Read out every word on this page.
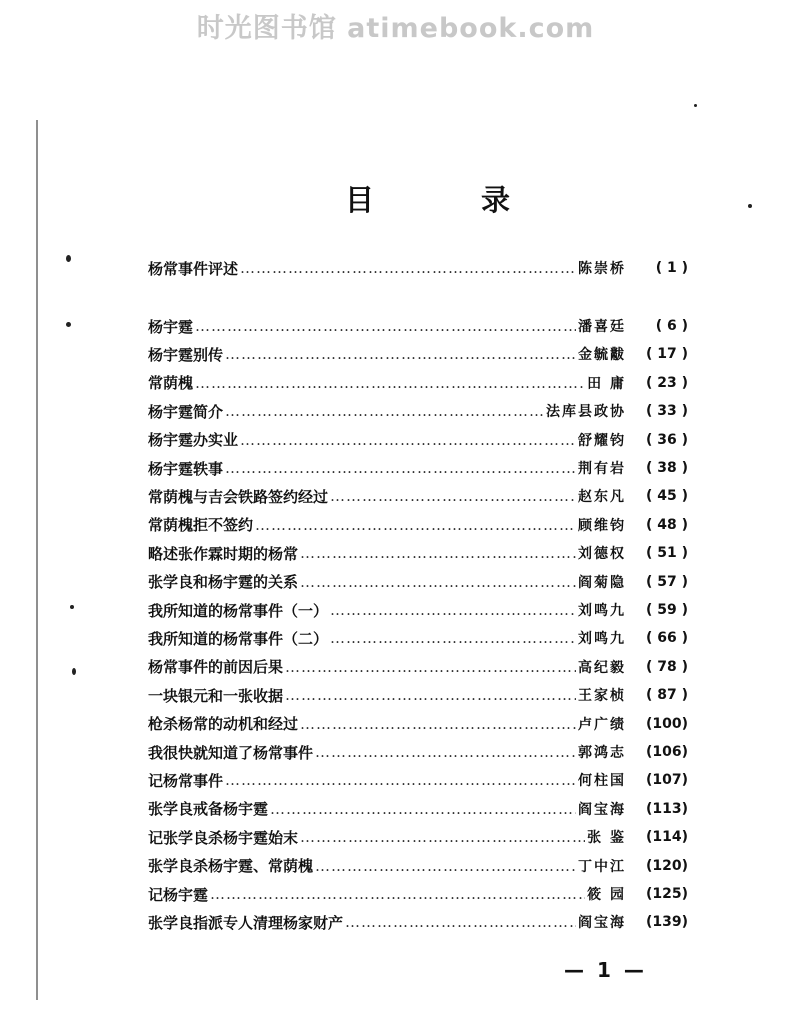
时光图书馆 atimebook.com
目	录
杨常事件评述 ……………………………………………………………………………………………………………………	陈崇桥	( 1 )
杨宇霆 ……………………………………………………………………………………………………………………	潘喜廷	( 6 )
杨宇霆别传 ……………………………………………………………………………………………………………………	金毓黻	( 17 )
常荫槐 ……………………………………………………………………………………………………………………	田 庸	( 23 )
杨宇霆简介 ……………………………………………………………………………………………………………………	法库县政协	( 33 )
杨宇霆办实业 ……………………………………………………………………………………………………………………	舒耀钧	( 36 )
杨宇霆轶事 ……………………………………………………………………………………………………………………	荆有岩	( 38 )
常荫槐与吉会铁路签约经过 ……………………………………………………………………………………………………………………	赵东凡	( 45 )
常荫槐拒不签约 ……………………………………………………………………………………………………………………	顾维钧	( 48 )
略述张作霖时期的杨常 ……………………………………………………………………………………………………………………	刘德权	( 51 )
张学良和杨宇霆的关系 ……………………………………………………………………………………………………………………	阎菊隐	( 57 )
我所知道的杨常事件（一） ……………………………………………………………………………………………………………………	刘鸣九	( 59 )
我所知道的杨常事件（二） ……………………………………………………………………………………………………………………	刘鸣九	( 66 )
杨常事件的前因后果 ……………………………………………………………………………………………………………………	高纪毅	( 78 )
一块银元和一张收据 ……………………………………………………………………………………………………………………	王家桢	( 87 )
枪杀杨常的动机和经过 ……………………………………………………………………………………………………………………	卢广绩	(100)
我很快就知道了杨常事件 ……………………………………………………………………………………………………………………	郭鸿志	(106)
记杨常事件 ……………………………………………………………………………………………………………………	何柱国	(107)
张学良戒备杨宇霆 ……………………………………………………………………………………………………………………	阎宝海	(113)
记张学良杀杨宇霆始末 ……………………………………………………………………………………………………………………	张 鉴	(114)
张学良杀杨宇霆、常荫槐 ……………………………………………………………………………………………………………………	丁中江	(120)
记杨宇霆 ……………………………………………………………………………………………………………………	筱 园	(125)
张学良指派专人清理杨家财产 ……………………………………………………………………………………………………………………	阎宝海	(139)
— 1 —
